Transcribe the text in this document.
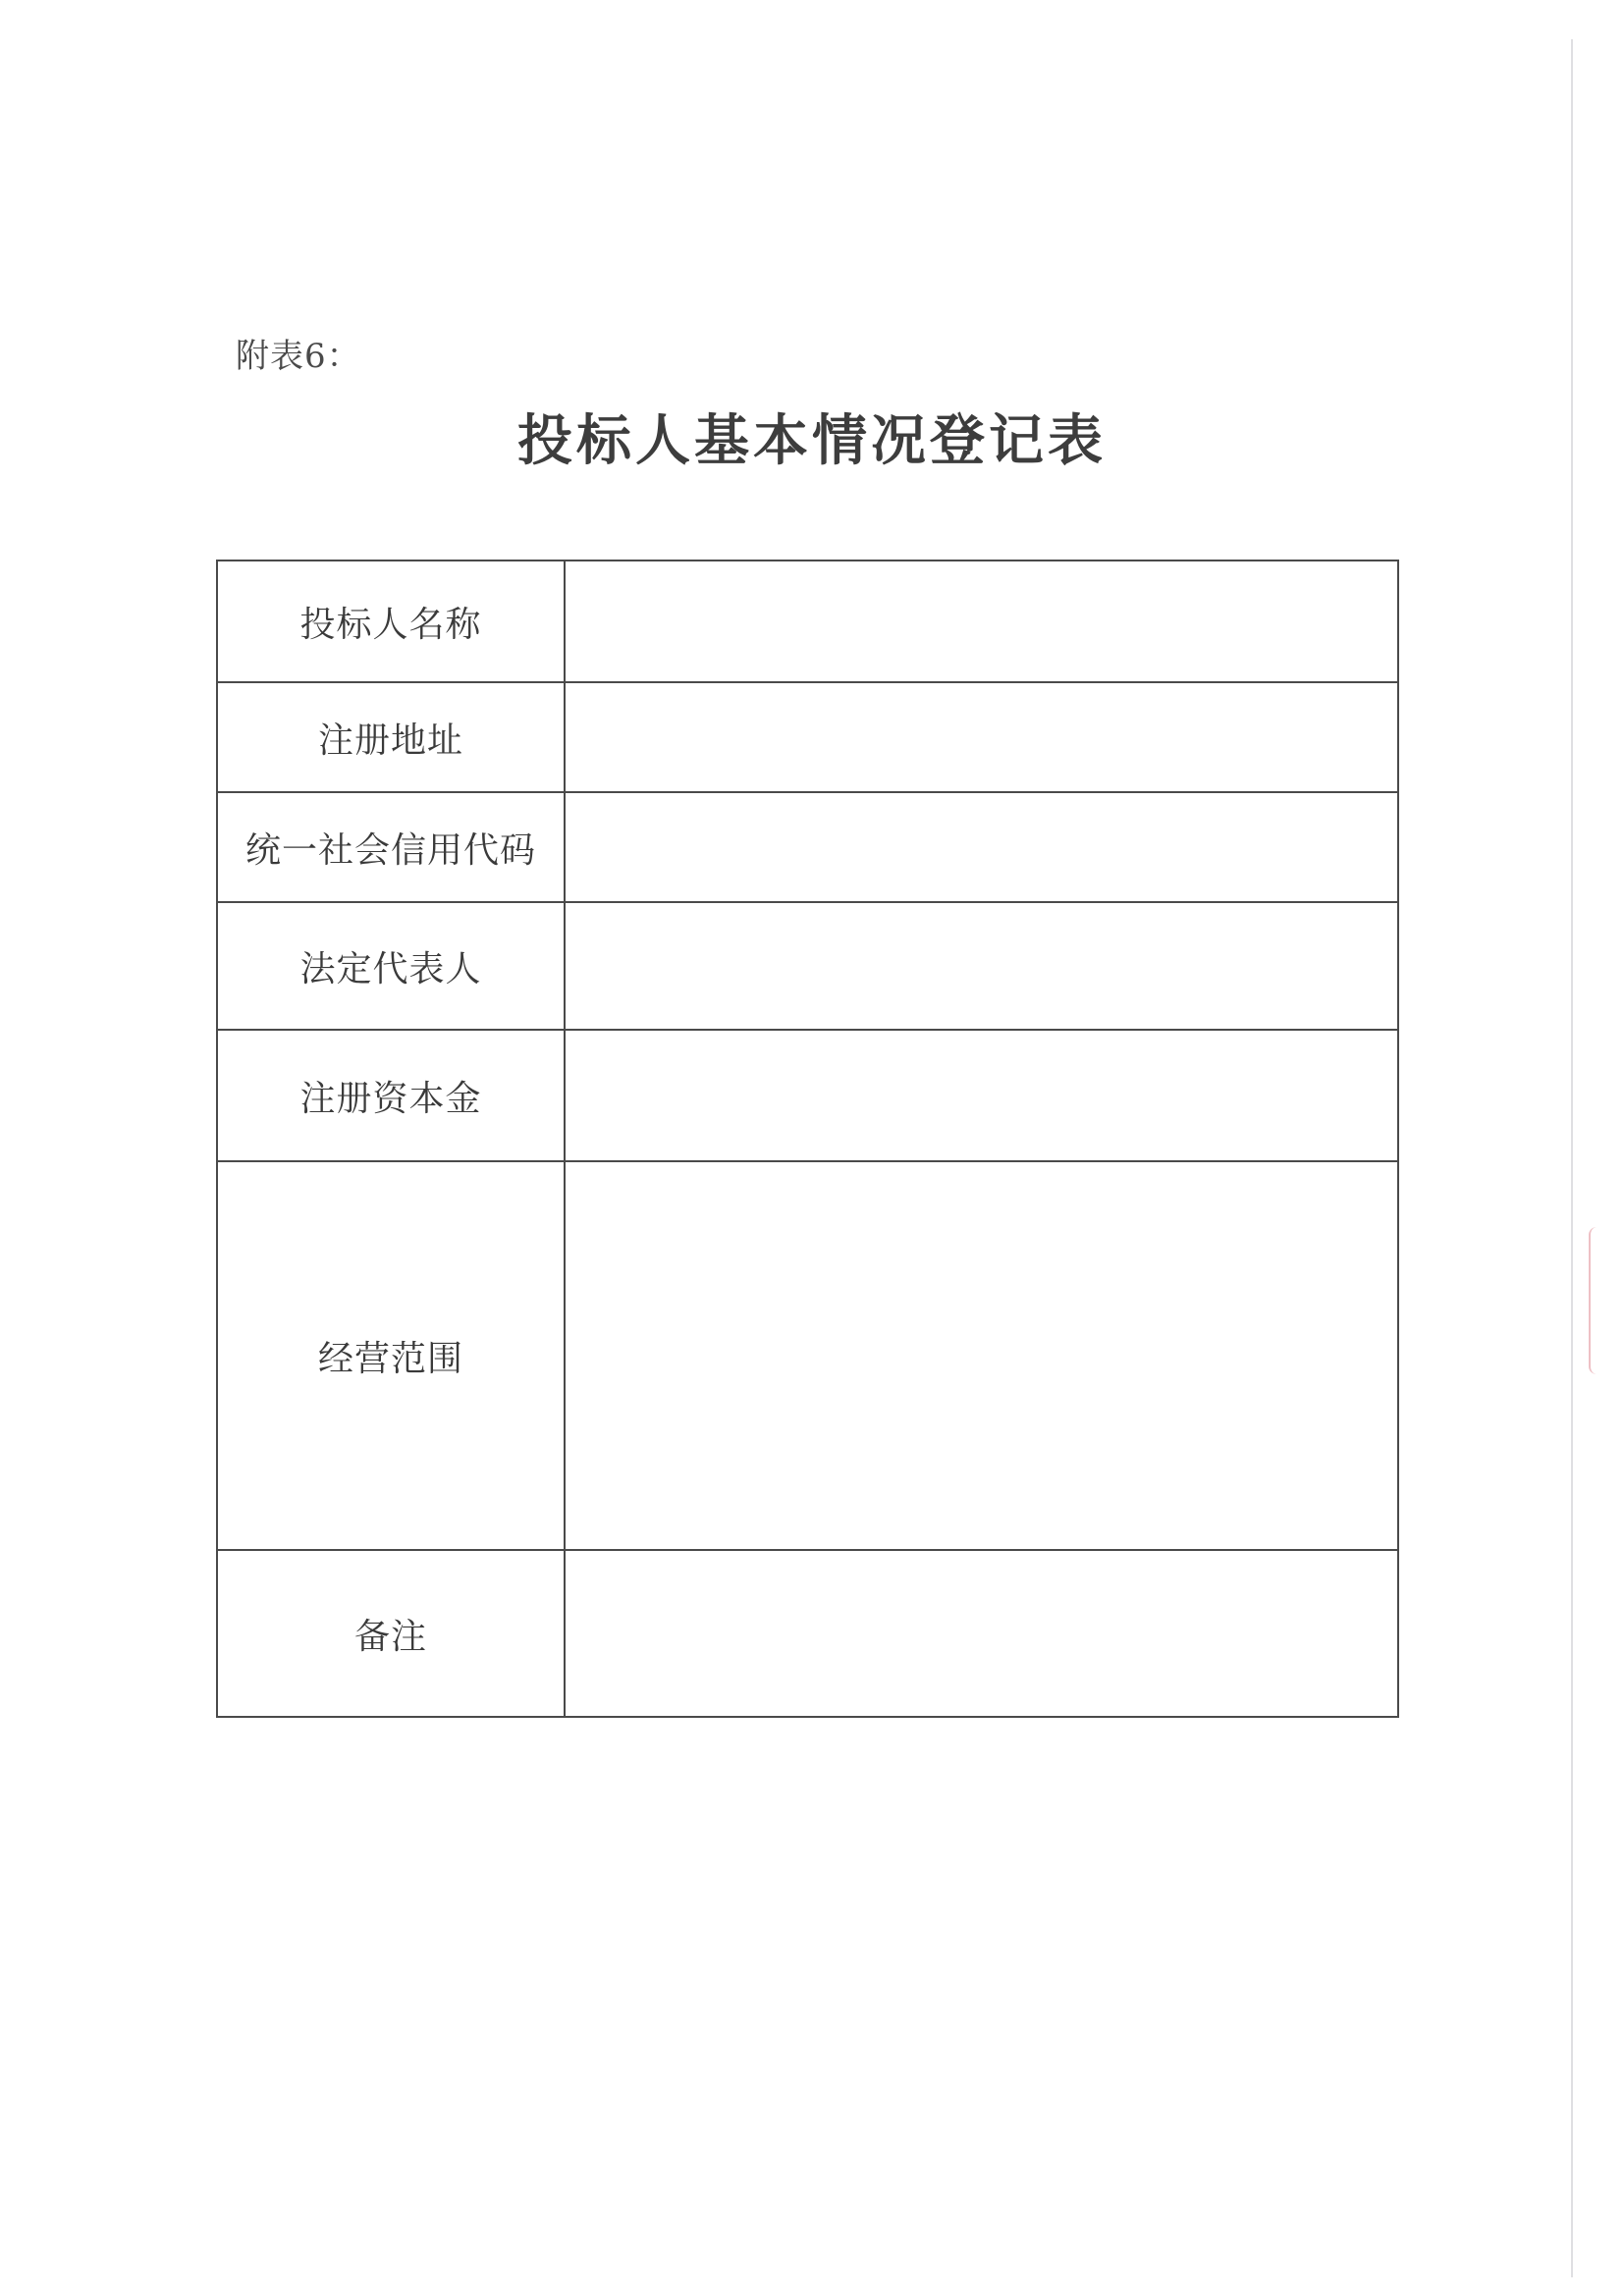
附表6：
投标人基本情况登记表
投标人名称	
注册地址	
统一社会信用代码	
法定代表人	
注册资本金	
经营范围	
备注	
